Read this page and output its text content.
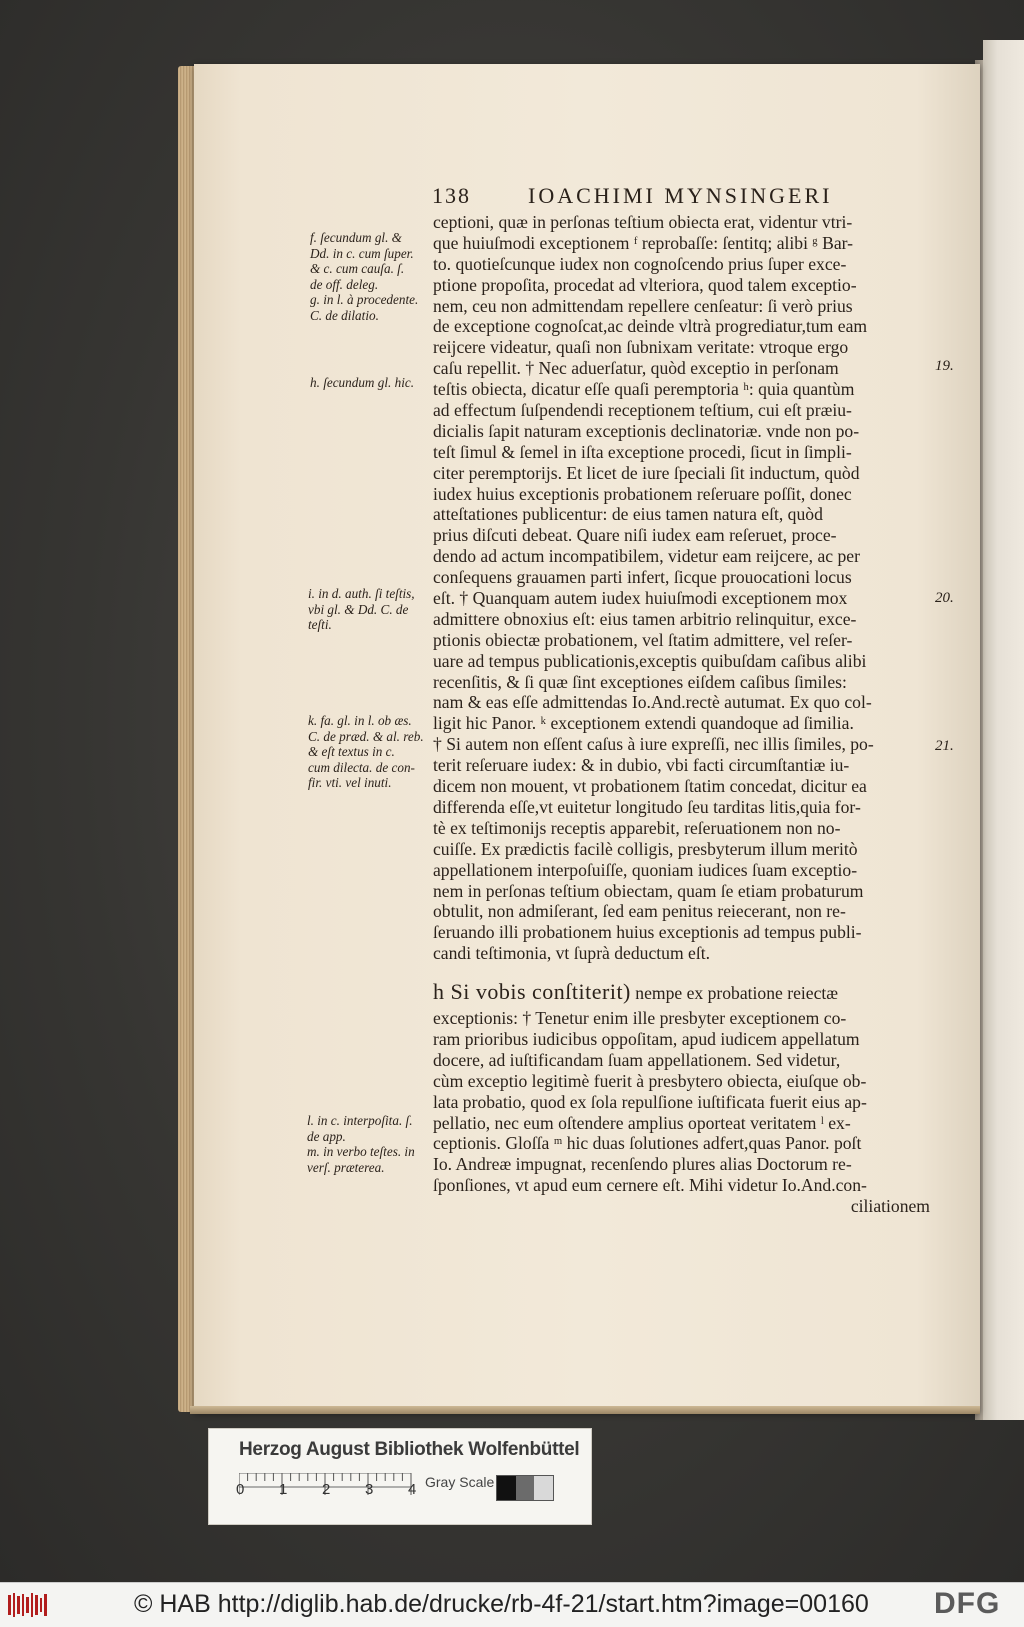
138	IOACHIMI MYNSINGERI
ceptioni, quæ in perſonas teſtium obiecta erat, videntur vtri-
que huiuſmodi exceptionem ᶠ reprobaſſe: ſentitq; alibi ᵍ Bar-
to. quotieſcunque iudex non cognoſcendo prius ſuper exce-
ptione propoſita, procedat ad vlteriora, quod talem exceptio-
nem, ceu non admittendam repellere cenſeatur: ſi verò prius
de exceptione cognoſcat,ac deinde vltrà progrediatur,tum eam
reijcere videatur, quaſi non ſubnixam veritate: vtroque ergo
caſu repellit. † Nec aduerſatur, quòd exceptio in perſonam
teſtis obiecta, dicatur eſſe quaſi peremptoria ʰ: quia quantùm
ad effectum ſuſpendendi receptionem teſtium, cui eſt præiu-
dicialis ſapit naturam exceptionis declinatoriæ. vnde non po-
teſt ſimul & ſemel in iſta exceptione procedi, ſicut in ſimpli-
citer peremptorijs. Et licet de iure ſpeciali ſit inductum, quòd
iudex huius exceptionis probationem reſeruare poſſit, donec
atteſtationes publicentur: de eius tamen natura eſt, quòd
prius diſcuti debeat. Quare niſi iudex eam reſeruet, proce-
dendo ad actum incompatibilem, videtur eam reijcere, ac per
conſequens grauamen parti infert, ſicque prouocationi locus
eſt. † Quanquam autem iudex huiuſmodi exceptionem mox
admittere obnoxius eſt: eius tamen arbitrio relinquitur, exce-
ptionis obiectæ probationem, vel ſtatim admittere, vel reſer-
uare ad tempus publicationis,exceptis quibuſdam caſibus alibi
recenſitis, & ſi quæ ſint exceptiones eiſdem caſibus ſimiles:
nam & eas eſſe admittendas Io.And.rectè autumat. Ex quo col-
ligit hic Panor. ᵏ exceptionem extendi quandoque ad ſimilia.
† Si autem non eſſent caſus à iure expreſſi, nec illis ſimiles, po-
terit reſeruare iudex: & in dubio, vbi facti circumſtantiæ iu-
dicem non mouent, vt probationem ſtatim concedat, dicitur ea
differenda eſſe,vt euitetur longitudo ſeu tarditas litis,quia for-
tè ex teſtimonijs receptis apparebit, reſeruationem non no-
cuiſſe. Ex prædictis facilè colligis, presbyterum illum meritò
appellationem interpoſuiſſe, quoniam iudices ſuam exceptio-
nem in perſonas teſtium obiectam, quam ſe etiam probaturum
obtulit, non admiſerant, ſed eam penitus reiecerant, non re-
ſeruando illi probationem huius exceptionis ad tempus publi-
candi teſtimonia, vt ſuprà deductum eſt.
h Si vobis conſtiterit) nempe ex probatione reiectæ
exceptionis: † Tenetur enim ille presbyter exceptionem co-
ram prioribus iudicibus oppoſitam, apud iudicem appellatum
docere, ad iuſtificandam ſuam appellationem. Sed videtur,
cùm exceptio legitimè fuerit à presbytero obiecta, eiuſque ob-
lata probatio, quod ex ſola repulſione iuſtificata fuerit eius ap-
pellatio, nec eum oſtendere amplius oporteat veritatem ˡ ex-
ceptionis. Gloſſa ᵐ hic duas ſolutiones adfert,quas Panor. poſt
Io. Andreæ impugnat, recenſendo plures alias Doctorum re-
ſponſiones, vt apud eum cernere eſt. Mihi videtur Io.And.con-
ciliationem
f. ſecundum gl. &
Dd. in c. cum ſuper.
& c. cum cauſa. ſ.
de off. deleg.
g. in l. à procedente.
C. de dilatio.
h. ſecundum gl. hic.
i. in d. auth. ſi teſtis,
vbi gl. & Dd. C. de
teſti.
k. fa. gl. in l. ob æs.
C. de præd. & al. reb.
& eſt textus in c.
cum dilecta. de con-
fir. vti. vel inuti.
l. in c. interpoſita. ſ.
de app.
m. in verbo teſtes. in
verſ. præterea.
19.
20.
21.
Herzog August Bibliothek Wolfenbüttel
0 1 2 3 4 Gray Scale
© HAB http://diglib.hab.de/drucke/rb-4f-21/start.htm?image=00160 DFG
